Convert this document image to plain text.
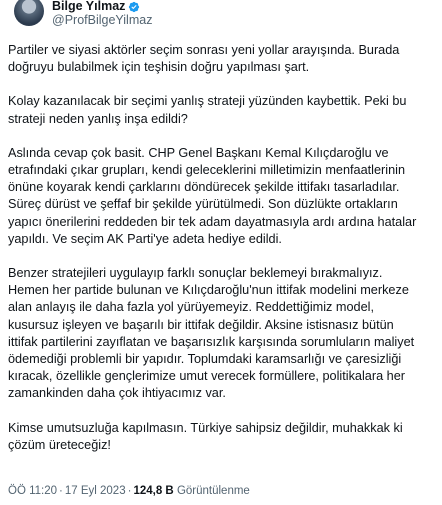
Bilge Yılmaz
@ProfBilgeYilmaz

Partiler ve siyasi aktörler seçim sonrası yeni yollar arayışında. Burada
doğruyu bulabilmek için teşhisin doğru yapılması şart.

Kolay kazanılacak bir seçimi yanlış strateji yüzünden kaybettik. Peki bu
strateji neden yanlış inşa edildi?

Aslında cevap çok basit. CHP Genel Başkanı Kemal Kılıçdaroğlu ve
etrafındaki çıkar grupları, kendi geleceklerini milletimizin menfaatlerinin
önüne koyarak kendi çarklarını döndürecek şekilde ittifakı tasarladılar.
Süreç dürüst ve şeffaf bir şekilde yürütülmedi. Son düzlükte ortakların
yapıcı önerilerini reddeden bir tek adam dayatmasıyla ardı ardına hatalar
yapıldı. Ve seçim AK Parti'ye adeta hediye edildi.

Benzer stratejileri uygulayıp farklı sonuçlar beklemeyi bırakmalıyız.
Hemen her partide bulunan ve Kılıçdaroğlu'nun ittifak modelini merkeze
alan anlayış ile daha fazla yol yürüyemeyiz. Reddettiğimiz model,
kusursuz işleyen ve başarılı bir ittifak değildir. Aksine istisnasız bütün
ittifak partilerini zayıflatan ve başarısızlık karşısında sorumluların maliyet
ödemediği problemli bir yapıdır. Toplumdaki karamsarlığı ve çaresizliği
kıracak, özellikle gençlerimize umut verecek formüllere, politikalara her
zamankinden daha çok ihtiyacımız var.

Kimse umutsuzluğa kapılmasın. Türkiye sahipsiz değildir, muhakkak ki
çözüm üreteceğiz!

ÖÖ 11:20 · 17 Eyl 2023 · 124,8 B Görüntülenme
